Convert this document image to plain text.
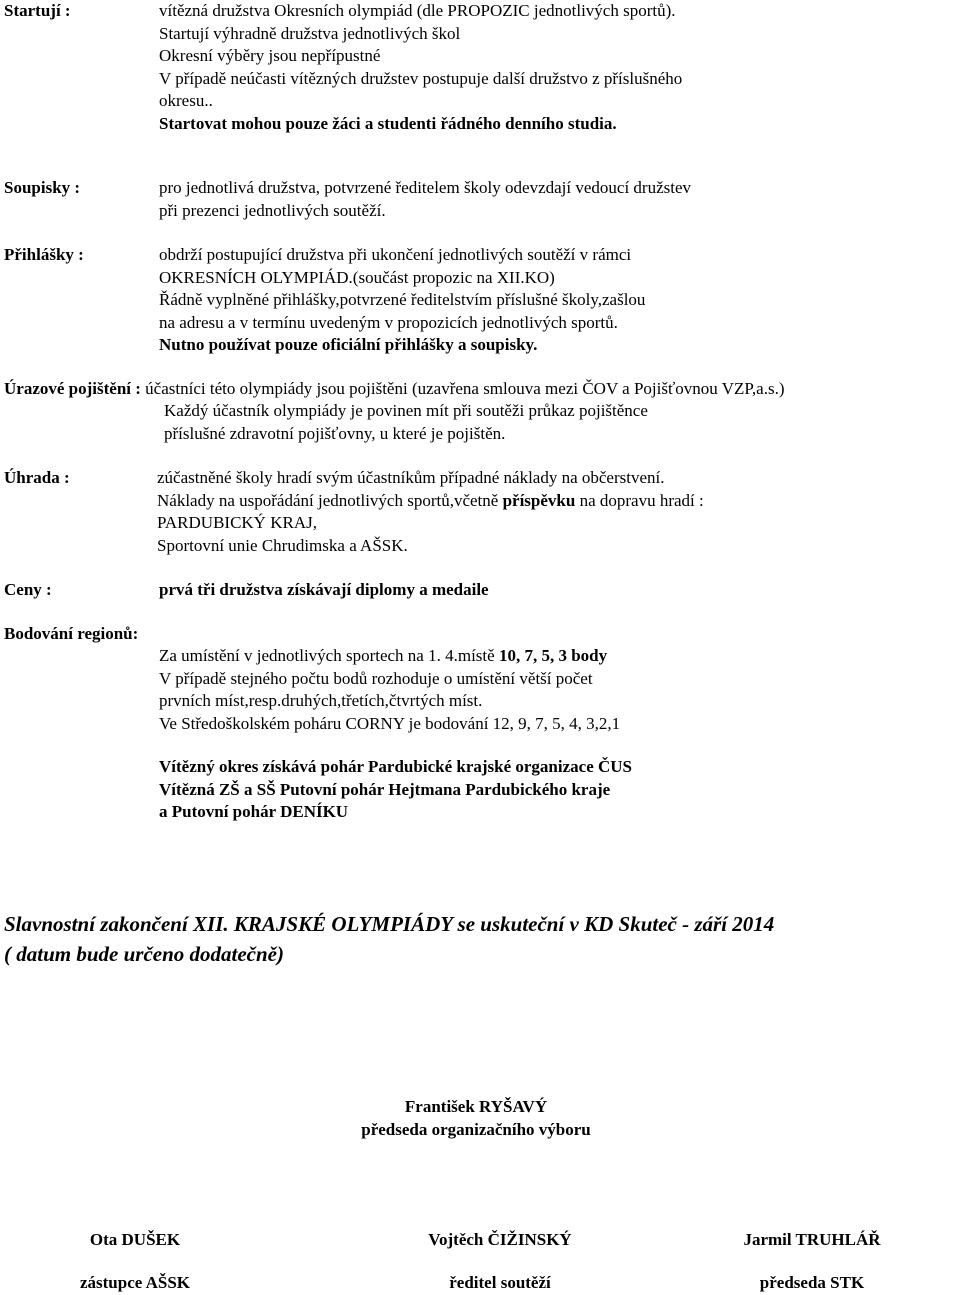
Startují :	vítězná družstva Okresních olympiád (dle PROPOZIC jednotlivých sportů).
Startují výhradně družstva jednotlivých škol
Okresní výběry jsou nepřípustné
V případě neúčasti vítězných družstev postupuje další družstvo z příslušného
okresu..
Startovat mohou pouze žáci a studenti řádného denního studia.
Soupisky :	pro jednotlivá družstva, potvrzené ředitelem školy odevzdají vedoucí družstev
při prezenci jednotlivých soutěží.
Přihlášky :	obdrží postupující družstva při ukončení jednotlivých soutěží v rámci
OKRESNÍCH OLYMPIÁD.(součást propozic na XII.KO)
Řádně vyplněné přihlášky,potvrzené ředitelstvím příslušné školy,zašlou
na adresu a v termínu uvedeným v propozicích jednotlivých sportů.
Nutno používat pouze oficiální přihlášky a soupisky.
Úrazové pojištění : účastníci této olympiády jsou pojištěni (uzavřena smlouva mezi ČOV a Pojišťovnou VZP,a.s.)
Každý účastník olympiády je povinen mít při soutěži průkaz pojištěnce
příslušné zdravotní pojišťovny, u které je pojištěn.
Úhrada :	zúčastněné školy hradí svým účastníkům případné náklady na občerstvení.
Náklady na uspořádání jednotlivých sportů,včetně příspěvku na dopravu hradí :
PARDUBICKÝ KRAJ,
Sportovní unie Chrudimska a AŠSK.
Ceny :	prvá tři družstva získávají diplomy a medaile
Bodování regionů:
Za umístění v jednotlivých sportech na 1. 4.místě 10, 7, 5, 3 body
V případě stejného počtu bodů rozhoduje o umístění větší počet
prvních míst,resp.druhých,třetích,čtvrtých míst.
Ve Středoškolském poháru CORNY je bodování 12, 9, 7, 5, 4, 3,2,1
Vítězný okres získává pohár Pardubické krajské organizace ČUS
Vítězná ZŠ a SŠ Putovní pohár Hejtmana Pardubického kraje
a Putovní pohár DENÍKU
Slavnostní zakončení XII. KRAJSKÉ OLYMPIÁDY se uskuteční v KD Skuteč - září 2014
( datum bude určeno dodatečně)
František RYŠAVÝ
předseda organizačního výboru
Ota DUŠEK	Vojtěch ČIŽINSKÝ	Jarmil TRUHLÁŘ
zástupce AŠSK	ředitel soutěží	předseda STK
